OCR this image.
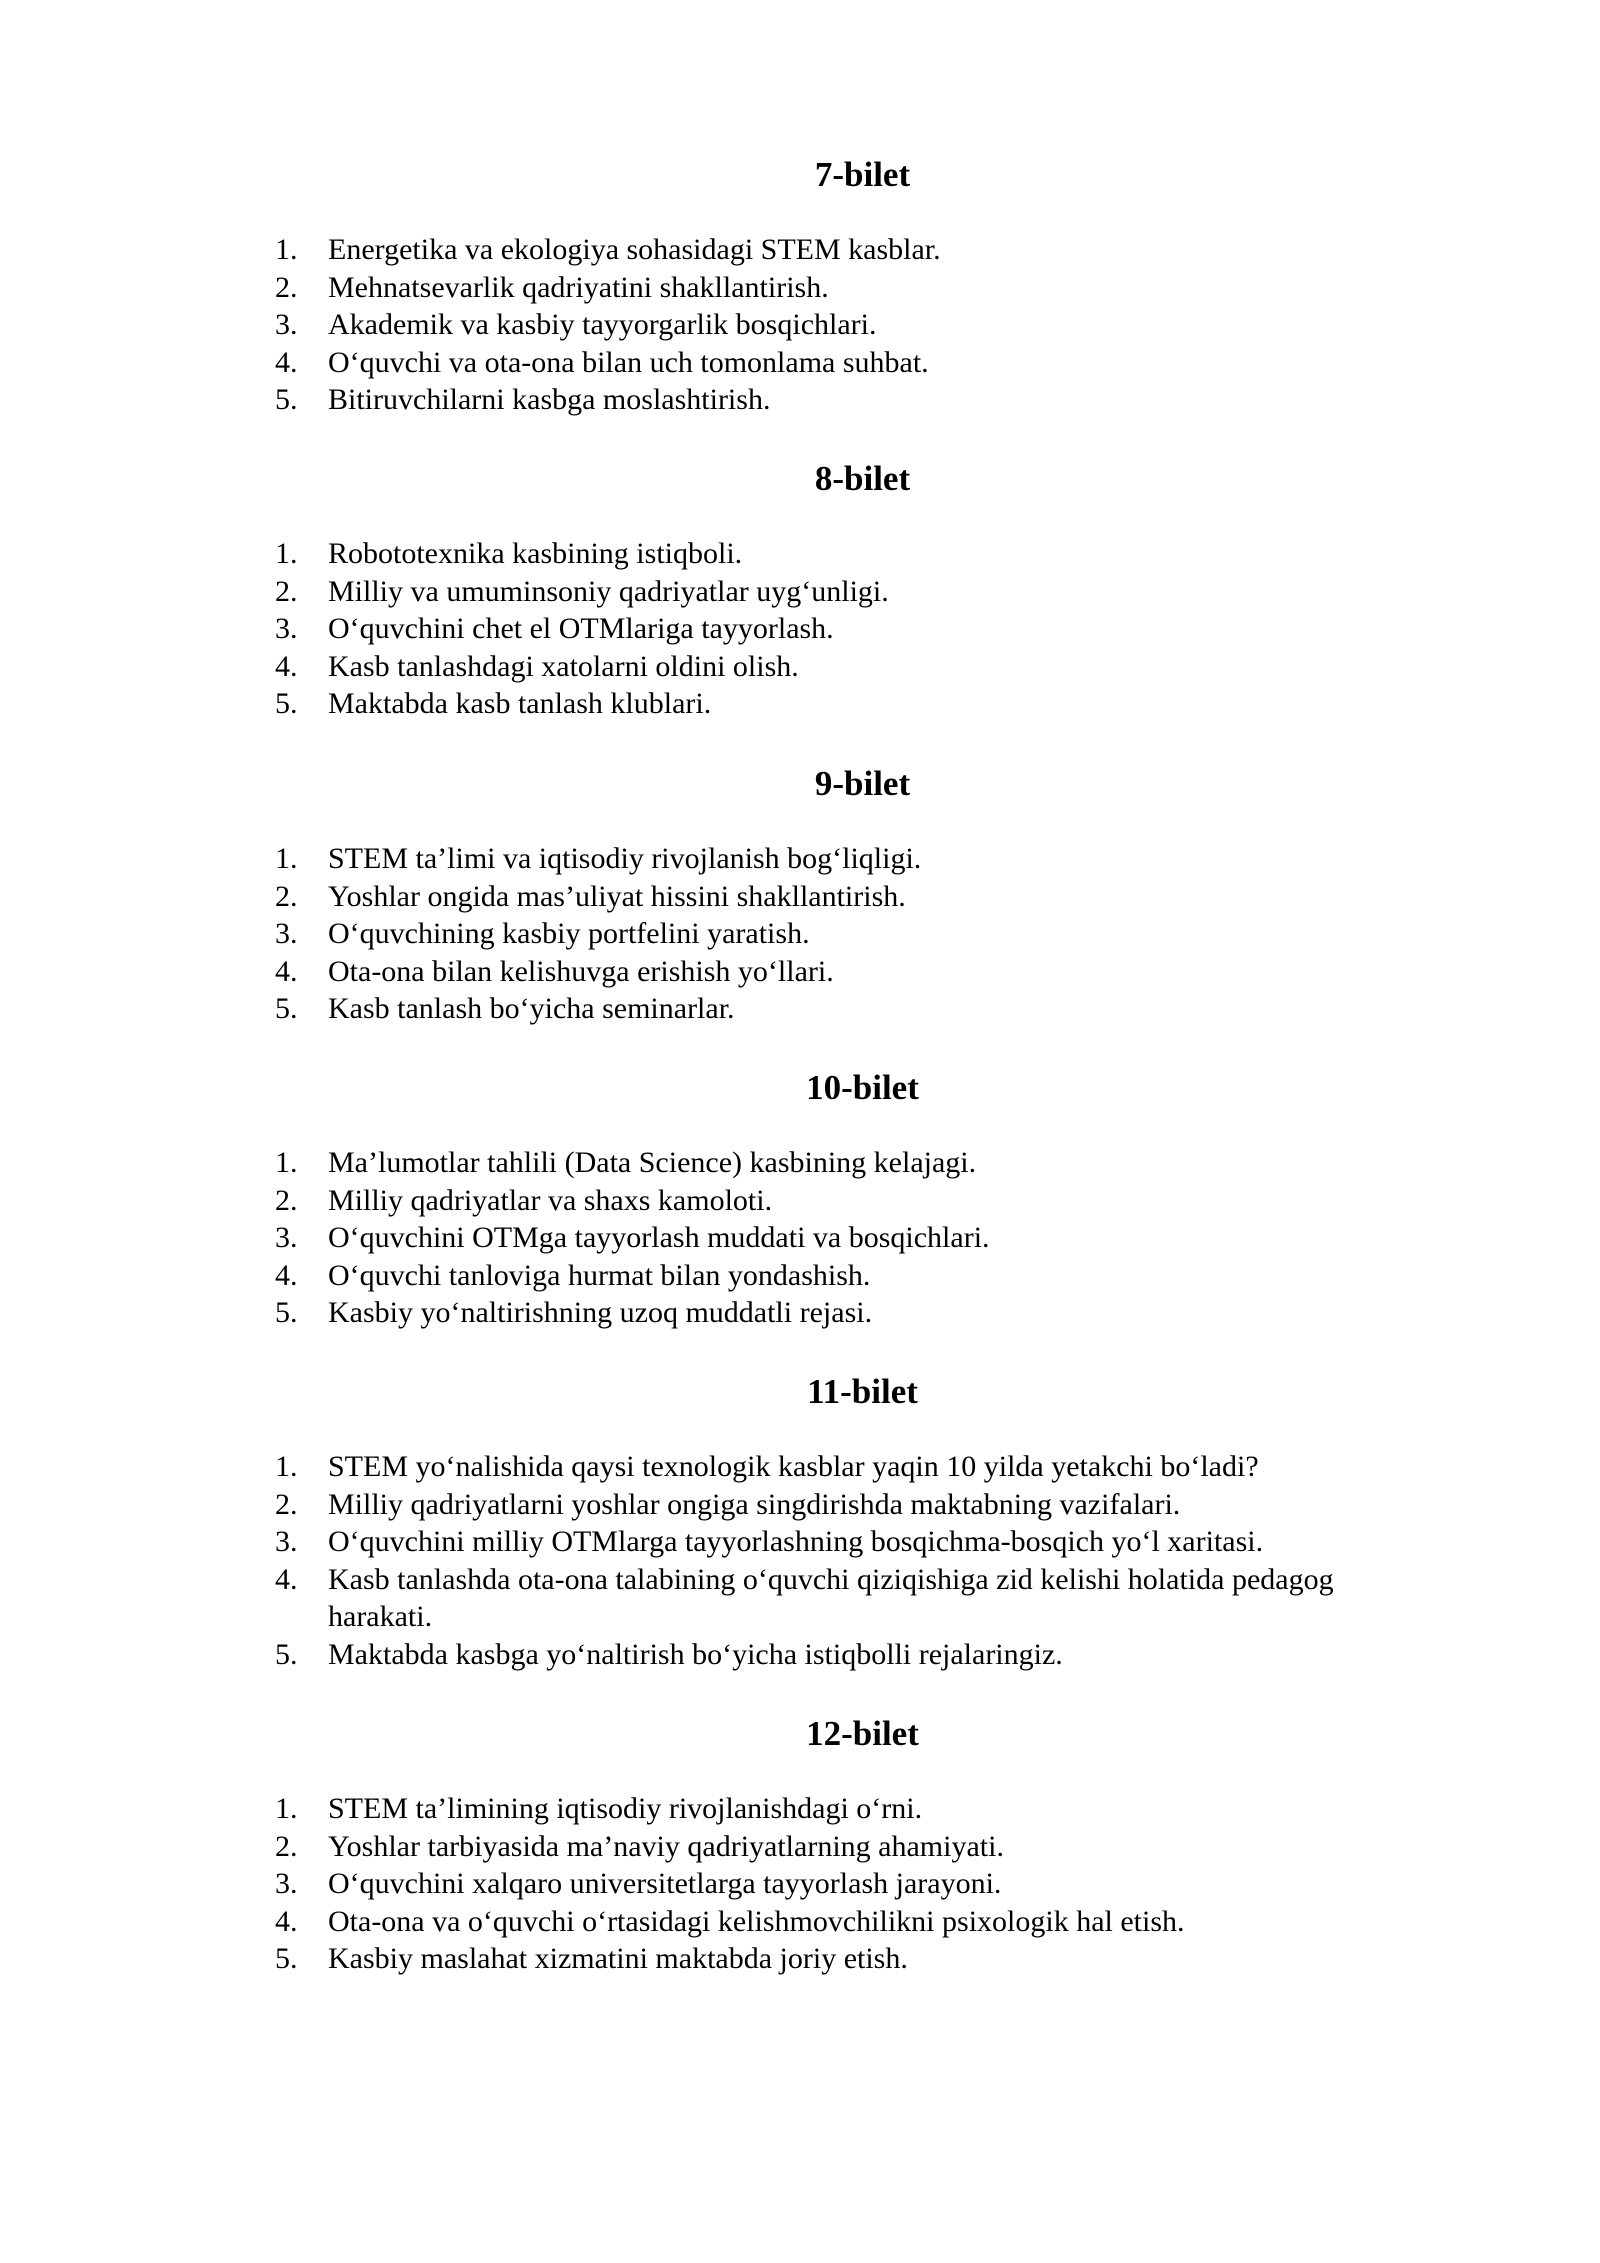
7-bilet
1.	Energetika va ekologiya sohasidagi STEM kasblar.
2.	Mehnatsevarlik qadriyatini shakllantirish.
3.	Akademik va kasbiy tayyorgarlik bosqichlari.
4.	O‘quvchi va ota-ona bilan uch tomonlama suhbat.
5.	Bitiruvchilarni kasbga moslashtirish.
8-bilet
1.	Robototexnika kasbining istiqboli.
2.	Milliy va umuminsoniy qadriyatlar uyg‘unligi.
3.	O‘quvchini chet el OTMlariga tayyorlash.
4.	Kasb tanlashdagi xatolarni oldini olish.
5.	Maktabda kasb tanlash klublari.
9-bilet
1.	STEM ta’limi va iqtisodiy rivojlanish bog‘liqligi.
2.	Yoshlar ongida mas’uliyat hissini shakllantirish.
3.	O‘quvchining kasbiy portfelini yaratish.
4.	Ota-ona bilan kelishuvga erishish yo‘llari.
5.	Kasb tanlash bo‘yicha seminarlar.
10-bilet
1.	Ma’lumotlar tahlili (Data Science) kasbining kelajagi.
2.	Milliy qadriyatlar va shaxs kamoloti.
3.	O‘quvchini OTMga tayyorlash muddati va bosqichlari.
4.	O‘quvchi tanloviga hurmat bilan yondashish.
5.	Kasbiy yo‘naltirishning uzoq muddatli rejasi.
11-bilet
1.	STEM yo‘nalishida qaysi texnologik kasblar yaqin 10 yilda yetakchi bo‘ladi?
2.	Milliy qadriyatlarni yoshlar ongiga singdirishda maktabning vazifalari.
3.	O‘quvchini milliy OTMlarga tayyorlashning bosqichma-bosqich yo‘l xaritasi.
4.	Kasb tanlashda ota-ona talabining o‘quvchi qiziqishiga zid kelishi holatida pedagog harakati.
5.	Maktabda kasbga yo‘naltirish bo‘yicha istiqbolli rejalaringiz.
12-bilet
1.	STEM ta’limining iqtisodiy rivojlanishdagi o‘rni.
2.	Yoshlar tarbiyasida ma’naviy qadriyatlarning ahamiyati.
3.	O‘quvchini xalqaro universitetlarga tayyorlash jarayoni.
4.	Ota-ona va o‘quvchi o‘rtasidagi kelishmovchilikni psixologik hal etish.
5.	Kasbiy maslahat xizmatini maktabda joriy etish.
